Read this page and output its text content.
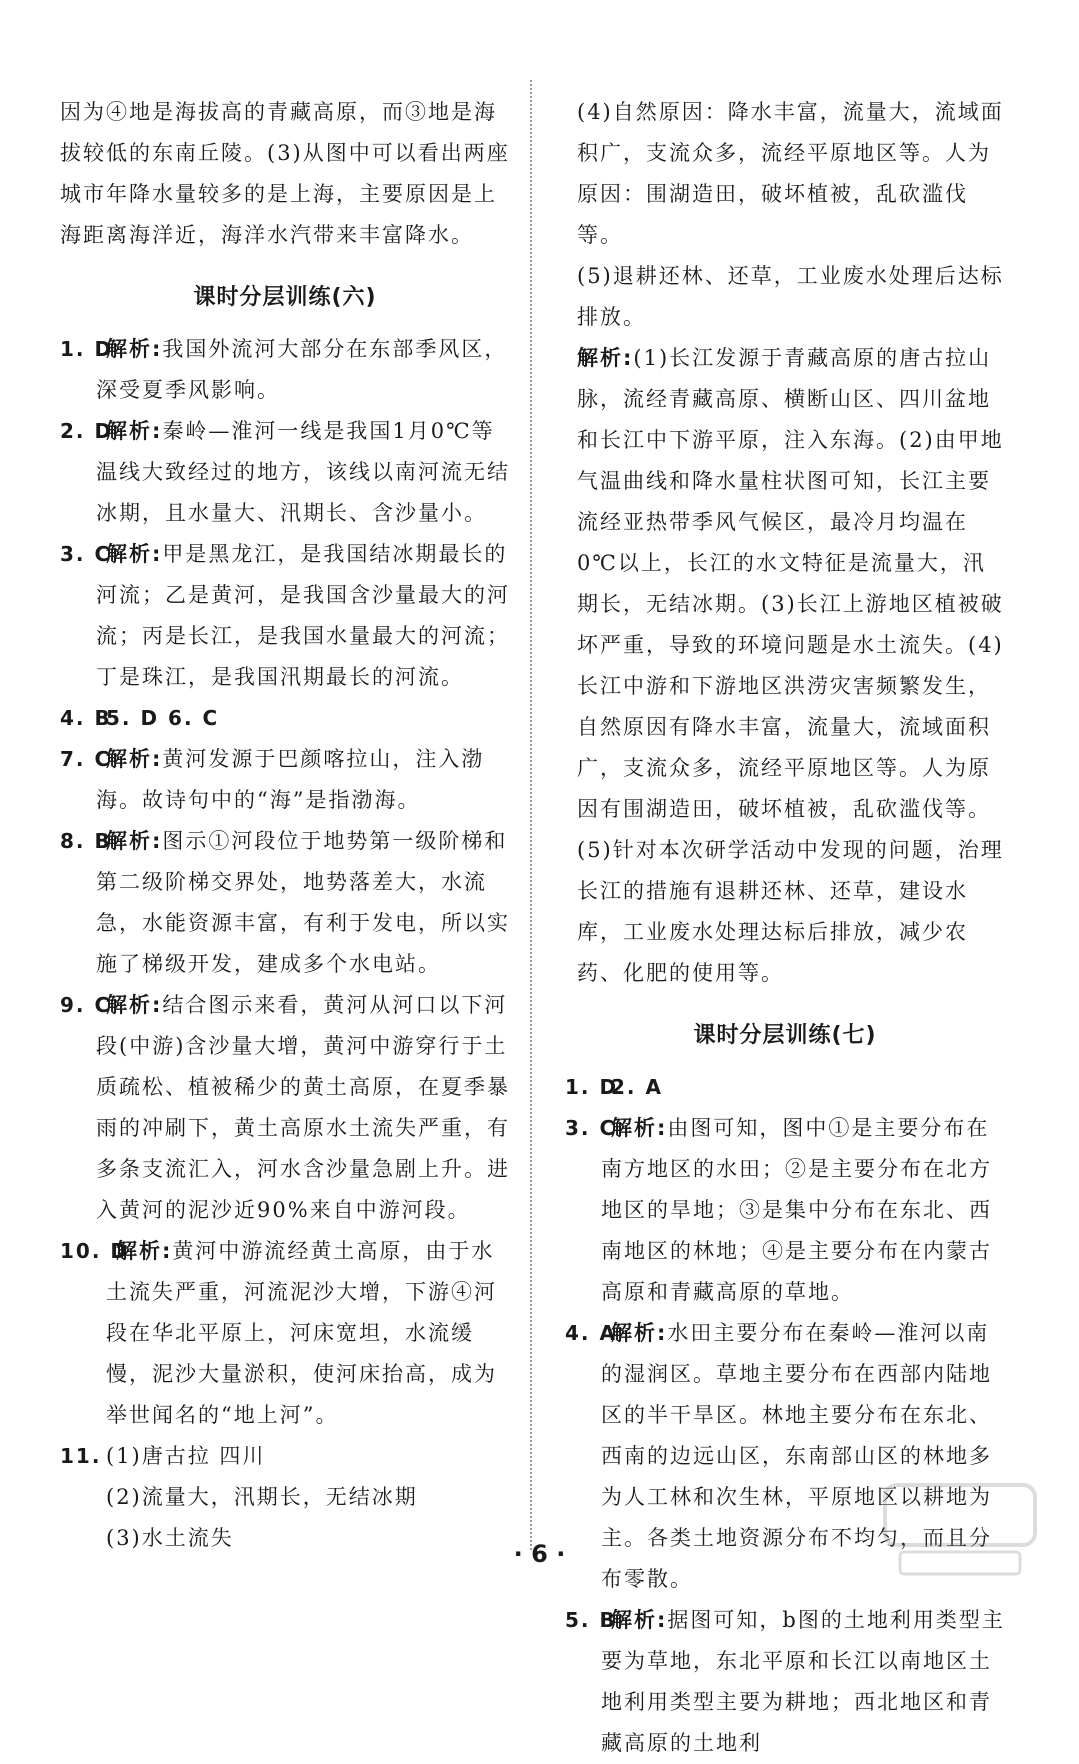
因为④地是海拔高的青藏高原，而③地是海拔较低的东南丘陵。(3)从图中可以看出两座城市年降水量较多的是上海，主要原因是上海距离海洋近，海洋水汽带来丰富降水。
课时分层训练(六)
1. D
解析:我国外流河大部分在东部季风区，深受夏季风影响。
2. D
解析:秦岭—淮河一线是我国1月0℃等温线大致经过的地方，该线以南河流无结冰期，且水量大、汛期长、含沙量小。
3. C
解析:甲是黑龙江，是我国结冰期最长的河流；乙是黄河，是我国含沙量最大的河流；丙是长江，是我国水量最大的河流；丁是珠江，是我国汛期最长的河流。
4. B
5. D 6. C
7. C
解析:黄河发源于巴颜喀拉山，注入渤海。故诗句中的“海”是指渤海。
8. B
解析:图示①河段位于地势第一级阶梯和第二级阶梯交界处，地势落差大，水流急，水能资源丰富，有利于发电，所以实施了梯级开发，建成多个水电站。
9. C
解析:结合图示来看，黄河从河口以下河段(中游)含沙量大增，黄河中游穿行于土质疏松、植被稀少的黄土高原，在夏季暴雨的冲刷下，黄土高原水土流失严重，有多条支流汇入，河水含沙量急剧上升。进入黄河的泥沙近90%来自中游河段。
10. D
解析:黄河中游流经黄土高原，由于水土流失严重，河流泥沙大增，下游④河段在华北平原上，河床宽坦，水流缓慢，泥沙大量淤积，使河床抬高，成为举世闻名的“地上河”。
11. (1)唐古拉 四川
(2)流量大，汛期长，无结冰期
(3)水土流失
(4)自然原因：降水丰富，流量大，流域面积广，支流众多，流经平原地区等。人为原因：围湖造田，破坏植被，乱砍滥伐等。
(5)退耕还林、还草，工业废水处理后达标排放。
解析:(1)长江发源于青藏高原的唐古拉山脉，流经青藏高原、横断山区、四川盆地和长江中下游平原，注入东海。(2)由甲地气温曲线和降水量柱状图可知，长江主要流经亚热带季风气候区，最冷月均温在0℃以上，长江的水文特征是流量大，汛期长，无结冰期。(3)长江上游地区植被破坏严重，导致的环境问题是水土流失。(4)长江中游和下游地区洪涝灾害频繁发生，自然原因有降水丰富，流量大，流域面积广，支流众多，流经平原地区等。人为原因有围湖造田，破坏植被，乱砍滥伐等。(5)针对本次研学活动中发现的问题，治理长江的措施有退耕还林、还草，建设水库，工业废水处理达标后排放，减少农药、化肥的使用等。
课时分层训练(七)
1. D
2. A
3. C
解析:由图可知，图中①是主要分布在南方地区的水田；②是主要分布在北方地区的旱地；③是集中分布在东北、西南地区的林地；④是主要分布在内蒙古高原和青藏高原的草地。
4. A
解析:水田主要分布在秦岭—淮河以南的湿润区。草地主要分布在西部内陆地区的半干旱区。林地主要分布在东北、西南的边远山区，东南部山区的林地多为人工林和次生林，平原地区以耕地为主。各类土地资源分布不均匀，而且分布零散。
5. B
解析:据图可知，b图的土地利用类型主要为草地，东北平原和长江以南地区土地利用类型主要为耕地；西北地区和青藏高原的土地利
· 6 ·
